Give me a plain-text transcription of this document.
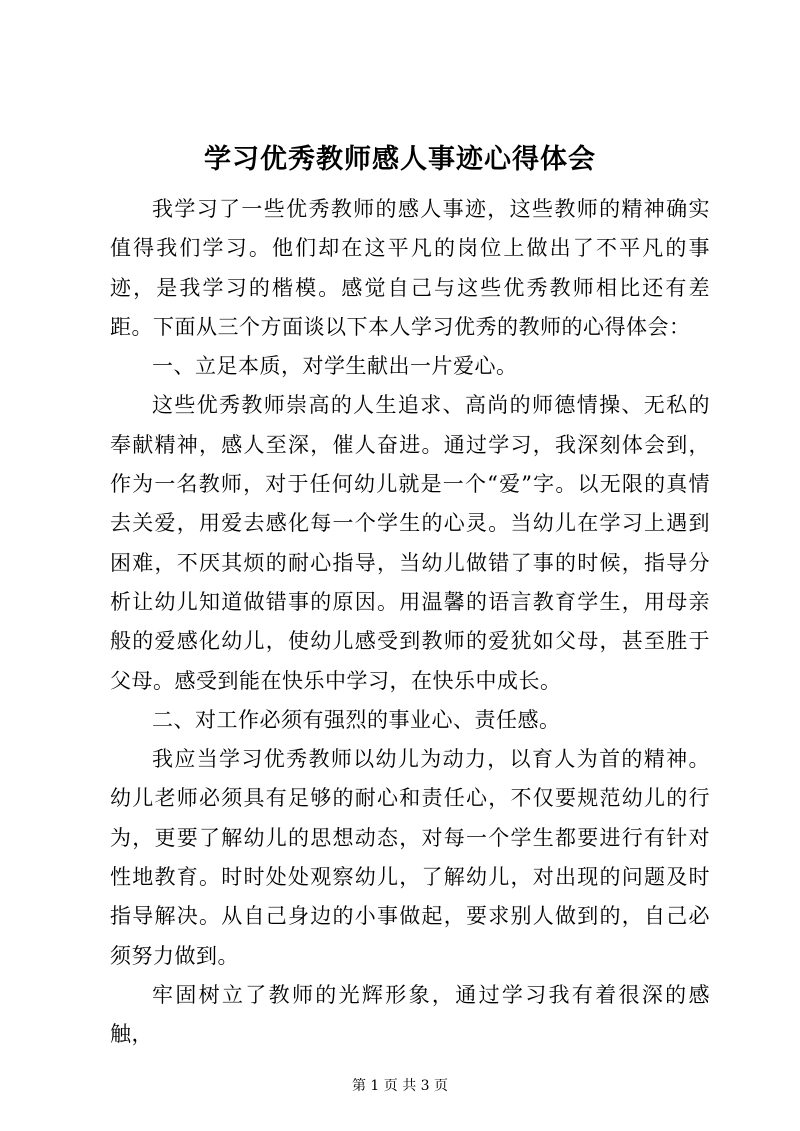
学习优秀教师感人事迹心得体会

我学习了一些优秀教师的感人事迹，这些教师的精神确实值得我们学习。他们却在这平凡的岗位上做出了不平凡的事迹，是我学习的楷模。感觉自己与这些优秀教师相比还有差距。下面从三个方面谈以下本人学习优秀的教师的心得体会：

一、立足本质，对学生献出一片爱心。

这些优秀教师崇高的人生追求、高尚的师德情操、无私的奉献精神，感人至深，催人奋进。通过学习，我深刻体会到，作为一名教师，对于任何幼儿就是一个“爱”字。以无限的真情去关爱，用爱去感化每一个学生的心灵。当幼儿在学习上遇到困难，不厌其烦的耐心指导，当幼儿做错了事的时候，指导分析让幼儿知道做错事的原因。用温馨的语言教育学生，用母亲般的爱感化幼儿，使幼儿感受到教师的爱犹如父母，甚至胜于父母。感受到能在快乐中学习，在快乐中成长。

二、对工作必须有强烈的事业心、责任感。

我应当学习优秀教师以幼儿为动力，以育人为首的精神。幼儿老师必须具有足够的耐心和责任心，不仅要规范幼儿的行为，更要了解幼儿的思想动态，对每一个学生都要进行有针对性地教育。时时处处观察幼儿，了解幼儿，对出现的问题及时指导解决。从自己身边的小事做起，要求别人做到的，自己必须努力做到。

牢固树立了教师的光辉形象，通过学习我有着很深的感触，

第 1 页 共 3 页
